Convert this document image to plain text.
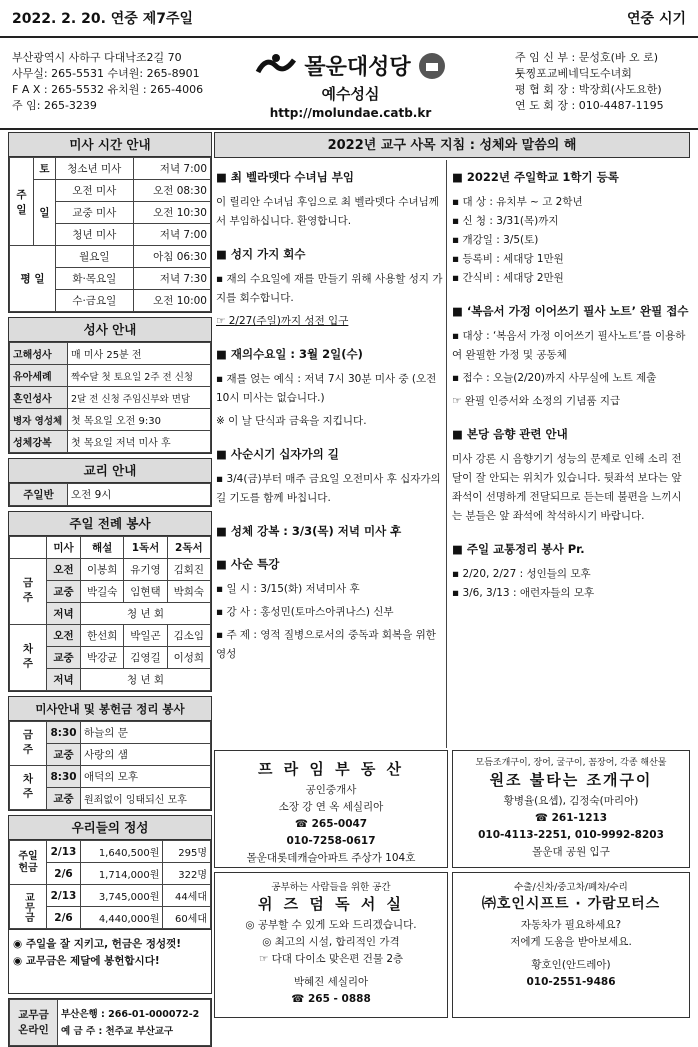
2022. 2. 20. 연중 제7주일	연중 시기
부산광역시 사하구 다대낙조2길 70
사무실: 265-5531 수녀원: 265-8901
F A X : 265-5532 유치원 : 265-4006
주 임: 265-3239
몰운대성당
예수성심
http://molundae.catb.kr
주 임 신 부 : 문성호(바 오 로)
툿찡포교베네딕도수녀회
평 협 회 장 : 박장희(사도요한)
연 도 회 장 : 010-4487-1195
미사 시간 안내
주 일	토	청소년 미사	저녁 7:00
	일	오전 미사	오전 08:30
		교중 미사	오전 10:30
		청년 미사	저녁 7:00
평 일		월요일	아침 06:30
		화·목요일	저녁 7:30
		수·금요일	오전 10:00
성사 안내
고해성사	매 미사 25분 전
유아세례	짝수달 첫 토요일 2주 전 신청
혼인성사	2달 전 신청 주임신부와 면담
병자 영성체	첫 목요일 오전 9:30
성체강복	첫 목요일 저녁 미사 후
교리 안내
주일반	오전 9시
주일 전례 봉사
	미사	해설	1독서	2독서
금주	오전	이봉희	유기영	김회진
	교중	박길숙	임현택	박희숙
	저녁	청 년 회		
차주	오전	한선희	박일곤	김소임
	교중	박강균	김영길	이성희
	저녁	청 년 회		
미사안내 및 봉헌금 정리 봉사
금주	8:30	하늘의 문
	교중	사랑의 샘
차주	8:30	애덕의 모후
	교중	원죄없이 잉태되신 모후
우리들의 정성
주일 헌금	2/13	1,640,500원	295명
	2/6	1,714,000원	322명
교무금	2/13	3,745,000원	44세대
	2/6	4,440,000원	60세대
◉ 주일을 잘 지키고, 헌금은 정성껏!
◉ 교무금은 제달에 봉헌합시다!
교무금 온라인	
부산은행 : 266-01-000072-2
예 금 주 : 천주교 부산교구
2022년 교구 사목 지침 : 성체와 말씀의 해
■ 최 벨라뎃다 수녀님 부임
이 릴리안 수녀님 후임으로 최 벨라뎃다 수녀님께서 부임하십니다. 환영합니다.
■ 성지 가지 회수
▪ 재의 수요일에 재를 만들기 위해 사용할 성지 가지를 회수합니다.
☞ 2/27(주일)까지 성전 입구
■ 재의수요일 : 3월 2일(수)
▪ 재를 얹는 예식 : 저녁 7시 30분 미사 중 (오전 10시 미사는 없습니다.)
※ 이 날 단식과 금육을 지킵니다.
■ 사순시기 십자가의 길
▪ 3/4(금)부터 매주 금요일 오전미사 후 십자가의 길 기도를 함께 바칩니다.
■ 성체 강복 : 3/3(목) 저녁 미사 후
■ 사순 특강
▪ 일 시 : 3/15(화) 저녁미사 후
▪ 강 사 : 홍성민(토마스아퀴나스) 신부
▪ 주 제 : 영적 질병으로서의 중독과 회복을 위한 영성
■ 2022년 주일학교 1학기 등록
▪ 대 상 : 유치부 ~ 고 2학년
▪ 신 청 : 3/31(목)까지
▪ 개강일 : 3/5(토)
▪ 등록비 : 세대당 1만원
▪ 간식비 : 세대당 2만원
■ ‘복음서 가정 이어쓰기 필사 노트’ 완필 접수
▪ 대상 : ‘복음서 가정 이어쓰기 필사노트’를 이용하여 완필한 가정 및 공동체
▪ 접수 : 오늘(2/20)까지 사무실에 노트 제출
☞ 완필 인증서와 소정의 기념품 지급
■ 본당 음향 관련 안내
미사 강론 시 음향기기 성능의 문제로 인해 소리 전달이 잘 안되는 위치가 있습니다. 뒷좌석 보다는 앞 좌석이 선명하게 전달되므로 듣는데 불편을 느끼시는 분들은 앞 좌석에 착석하시기 바랍니다.
■ 주일 교통정리 봉사 Pr.
▪ 2/20, 2/27 : 성인들의 모후
▪ 3/6, 3/13 : 애런자들의 모후
프 라 임 부 동 산
공인중개사
소장 강 연 옥 세실리아
☎ 265-0047
010-7258-0617
몰운대롯데캐슬아파트 주상가 104호
모듬조개구이, 장어, 굴구이, 꼼장어, 각종 해산물
원조 불타는 조개구이
황병율(요셉), 김정숙(마리아)
☎ 261-1213
010-4113-2251, 010-9992-8203
몰운대 공원 입구
공부하는 사람들을 위한 공간
위 즈 덤 독 서 실
◎ 공부할 수 있게 도와 드리겠습니다.
◎ 최고의 시설, 합리적인 가격
☞ 다대 다이소 맞은편 건물 2층
박혜진 세실리아
☎ 265 - 0888
수출/신차/중고차/폐차/수리
㈜호인시프트 · 가람모터스
자동차가 필요하세요?
저에게 도움을 받아보세요.
황호인(안드레아)
010-2551-9486
